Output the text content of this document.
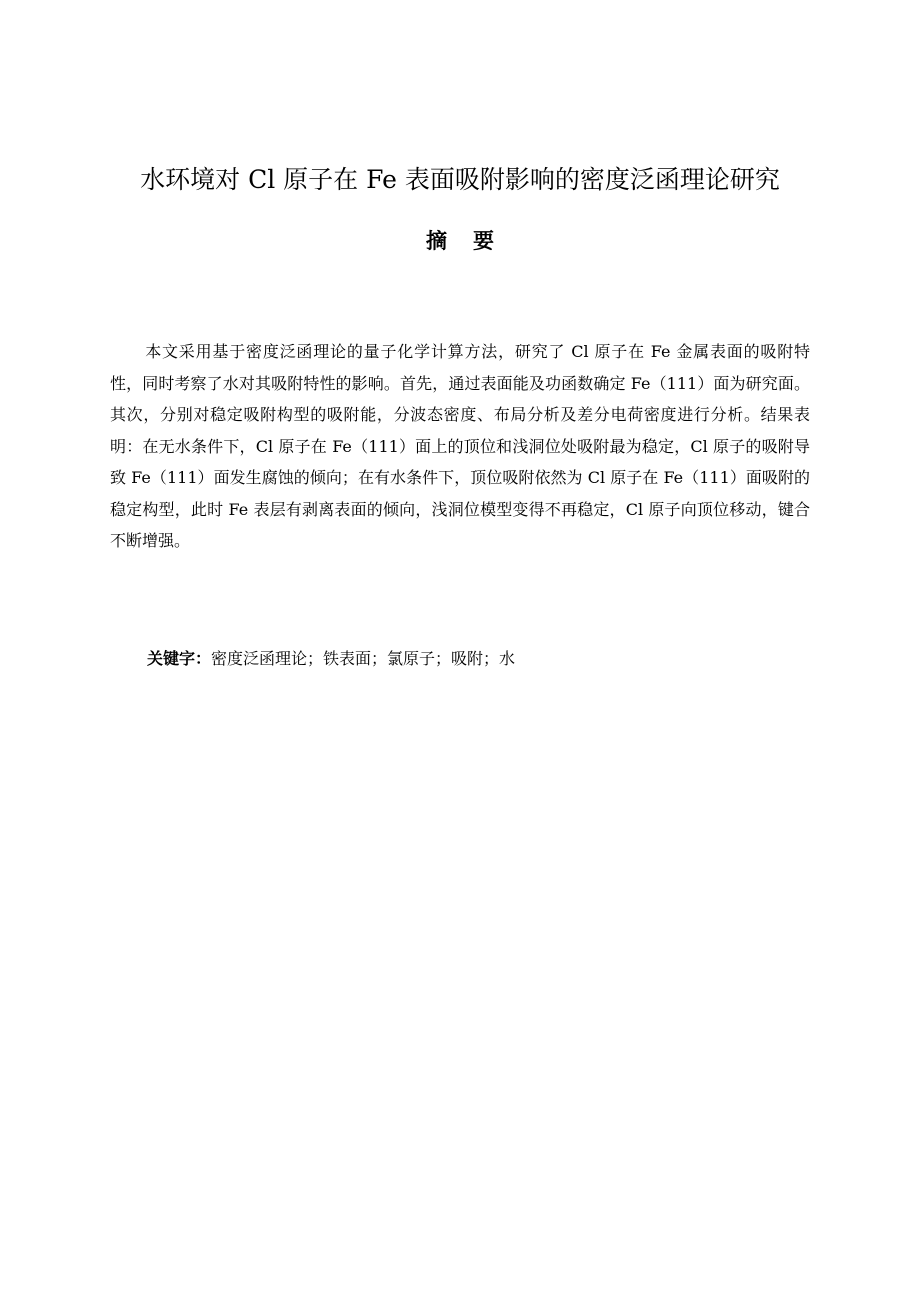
水环境对 Cl 原子在 Fe 表面吸附影响的密度泛函理论研究
摘要

本文采用基于密度泛函理论的量子化学计算方法，研究了 Cl 原子在 Fe 金属表面的吸附特性，同时考察了水对其吸附特性的影响。首先，通过表面能及功函数确定 Fe（111）面为研究面。其次，分别对稳定吸附构型的吸附能，分波态密度、布局分析及差分电荷密度进行分析。结果表明：在无水条件下，Cl 原子在 Fe（111）面上的顶位和浅洞位处吸附最为稳定，Cl 原子的吸附导致 Fe（111）面发生腐蚀的倾向；在有水条件下，顶位吸附依然为 Cl 原子在 Fe（111）面吸附的稳定构型，此时 Fe 表层有剥离表面的倾向，浅洞位模型变得不再稳定，Cl 原子向顶位移动，键合不断增强。

关键字：密度泛函理论；铁表面；氯原子；吸附；水
